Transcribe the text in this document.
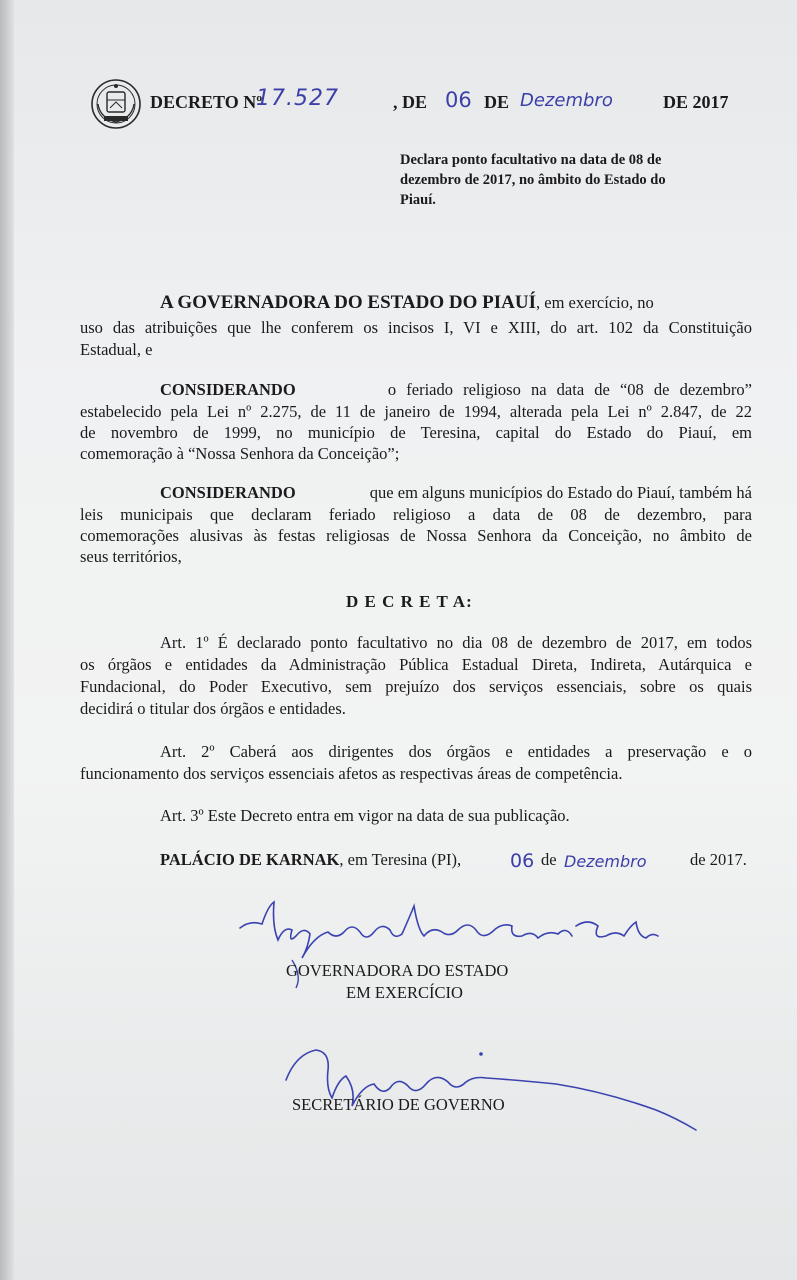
DECRETO Nº
17.527	, DE 06 DE Dezembro	DE 2017
Declara ponto facultativo na data de 08 de
dezembro de 2017, no âmbito do Estado do
Piauí.
A GOVERNADORA DO ESTADO DO PIAUÍ, em exercício, no
uso das atribuições que lhe conferem os incisos I, VI e XIII, do art. 102 da Constituição
Estadual, e
CONSIDERANDO	o feriado religioso na data de “08 de dezembro”
estabelecido pela Lei nº 2.275, de 11 de janeiro de 1994, alterada pela Lei nº 2.847, de 22
de novembro de 1999, no município de Teresina, capital do Estado do Piauí, em
comemoração à “Nossa Senhora da Conceição”;
CONSIDERANDO	que em alguns municípios do Estado do Piauí, também há
leis municipais que declaram feriado religioso a data de 08 de dezembro, para
comemorações alusivas às festas religiosas de Nossa Senhora da Conceição, no âmbito de
seus territórios,
D E C R E T A:
Art. 1º É declarado ponto facultativo no dia 08 de dezembro de 2017, em todos
os órgãos e entidades da Administração Pública Estadual Direta, Indireta, Autárquica e
Fundacional, do Poder Executivo, sem prejuízo dos serviços essenciais, sobre os quais
decidirá o titular dos órgãos e entidades.
Art. 2º Caberá aos dirigentes dos órgãos e entidades a preservação e o
funcionamento dos serviços essenciais afetos as respectivas áreas de competência.
Art. 3º Este Decreto entra em vigor na data de sua publicação.
PALÁCIO DE KARNAK, em Teresina (PI),	06 de Dezembro	de 2017.
GOVERNADORA DO ESTADO
EM EXERCÍCIO
SECRETÁRIO DE GOVERNO
